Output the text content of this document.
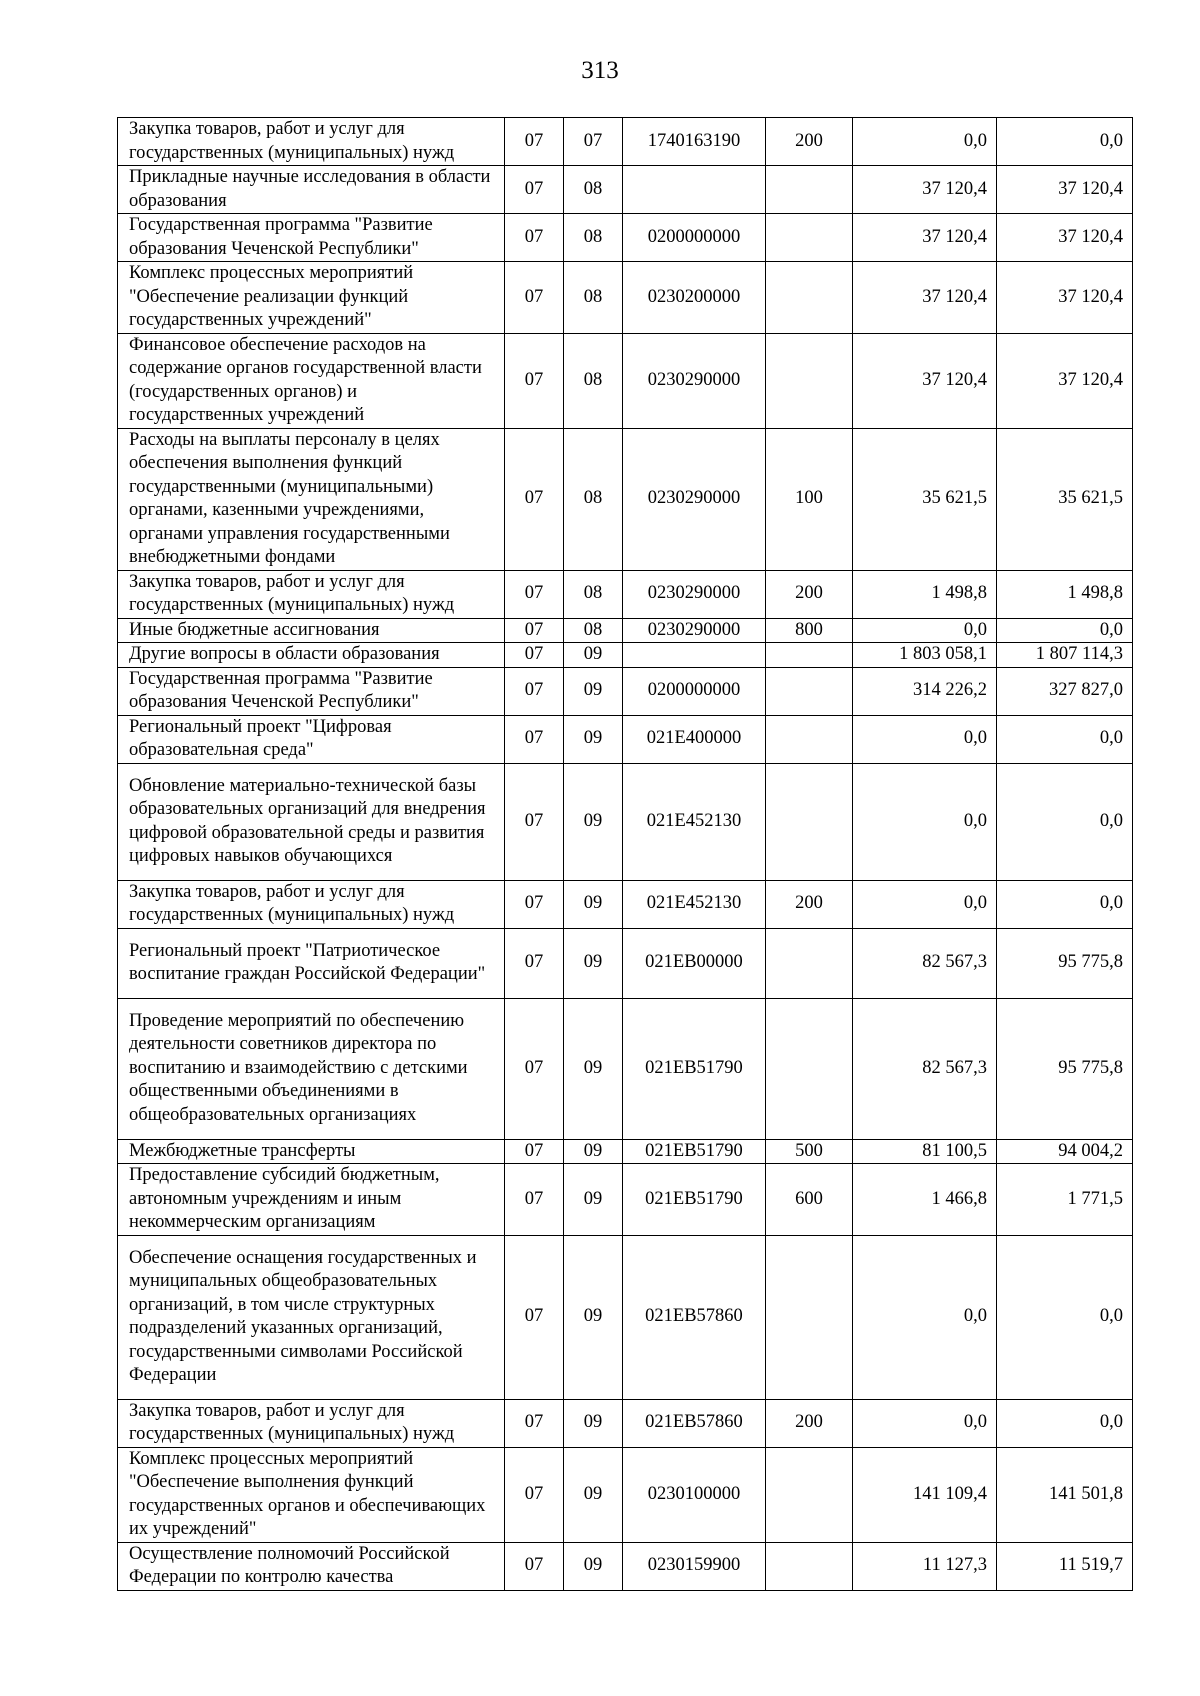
313
Закупка товаров, работ и услуг для государственных (муниципальных) нужд	07	07	1740163190	200	0,0	0,0
Прикладные научные исследования в области образования	07	08			37 120,4	37 120,4
Государственная программа "Развитие образования Чеченской Республики"	07	08	0200000000		37 120,4	37 120,4
Комплекс процессных мероприятий "Обеспечение реализации функций государственных учреждений"	07	08	0230200000		37 120,4	37 120,4
Финансовое обеспечение расходов на содержание органов государственной власти (государственных органов) и государственных учреждений	07	08	0230290000		37 120,4	37 120,4
Расходы на выплаты персоналу в целях обеспечения выполнения функций государственными (муниципальными) органами, казенными учреждениями, органами управления государственными внебюджетными фондами	07	08	0230290000	100	35 621,5	35 621,5
Закупка товаров, работ и услуг для государственных (муниципальных) нужд	07	08	0230290000	200	1 498,8	1 498,8
Иные бюджетные ассигнования	07	08	0230290000	800	0,0	0,0
Другие вопросы в области образования	07	09			1 803 058,1	1 807 114,3
Государственная программа "Развитие образования Чеченской Республики"	07	09	0200000000		314 226,2	327 827,0
Региональный проект "Цифровая образовательная среда"	07	09	021E400000		0,0	0,0
Обновление материально-технической базы образовательных организаций для внедрения цифровой образовательной среды и развития цифровых навыков обучающихся	07	09	021E452130		0,0	0,0
Закупка товаров, работ и услуг для государственных (муниципальных) нужд	07	09	021E452130	200	0,0	0,0
Региональный проект "Патриотическое воспитание граждан Российской Федерации"	07	09	021EB00000		82 567,3	95 775,8
Проведение мероприятий по обеспечению деятельности советников директора по воспитанию и взаимодействию с детскими общественными объединениями в общеобразовательных организациях	07	09	021EB51790		82 567,3	95 775,8
Межбюджетные трансферты	07	09	021EB51790	500	81 100,5	94 004,2
Предоставление субсидий бюджетным, автономным учреждениям и иным некоммерческим организациям	07	09	021EB51790	600	1 466,8	1 771,5
Обеспечение оснащения государственных и муниципальных общеобразовательных организаций, в том числе структурных подразделений указанных организаций, государственными символами Российской Федерации	07	09	021EB57860		0,0	0,0
Закупка товаров, работ и услуг для государственных (муниципальных) нужд	07	09	021EB57860	200	0,0	0,0
Комплекс процессных мероприятий "Обеспечение выполнения функций государственных органов и обеспечивающих их учреждений"	07	09	0230100000		141 109,4	141 501,8
Осуществление полномочий Российской Федерации по контролю качества	07	09	0230159900		11 127,3	11 519,7
